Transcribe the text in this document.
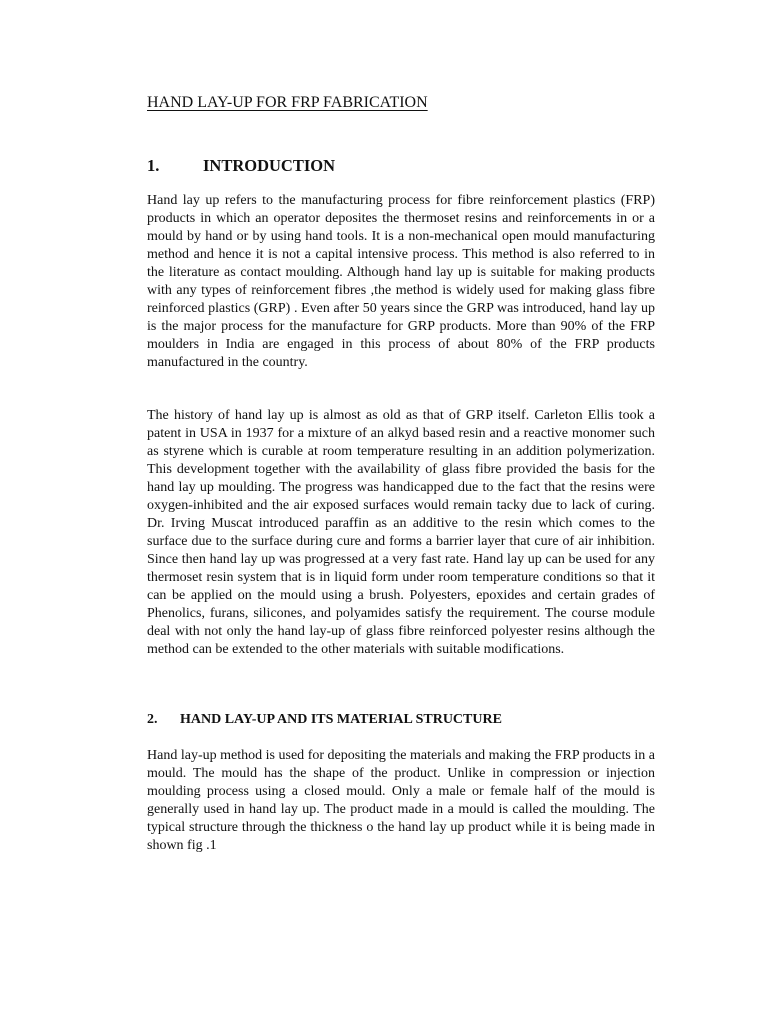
HAND LAY-UP FOR FRP FABRICATION
1.	INTRODUCTION

Hand lay up refers to the manufacturing process for fibre reinforcement plastics (FRP) products in which an operator deposites the thermoset resins and reinforcements in or a mould by hand or by using hand tools. It is a non-mechanical open mould manufacturing method and hence it is not a capital intensive process. This method is also referred to in the literature as contact moulding. Although hand lay up is suitable for making products with any types of reinforcement fibres ,the method is widely used for making glass fibre reinforced plastics (GRP) . Even after 50 years since the GRP was introduced, hand lay up is the major process for the manufacture for GRP products. More than 90% of the FRP moulders in India are engaged in this process of about 80% of the FRP products manufactured in the country.

The history of hand lay up is almost as old as that of GRP itself. Carleton Ellis took a patent in USA in 1937 for a mixture of an alkyd based resin and a reactive monomer such as styrene which is curable at room temperature resulting in an addition polymerization. This development together with the availability of glass fibre provided the basis for the hand lay up moulding. The progress was handicapped due to the fact that the resins were oxygen-inhibited and the air exposed surfaces would remain tacky due to lack of curing. Dr. Irving Muscat introduced paraffin as an additive to the resin which comes to the surface due to the surface during cure and forms a barrier layer that cure of air inhibition. Since then hand lay up was progressed at a very fast rate. Hand lay up can be used for any thermoset resin system that is in liquid form under room temperature conditions so that it can be applied on the mould using a brush. Polyesters, epoxides and certain grades of Phenolics, furans, silicones, and polyamides satisfy the requirement. The course module deal with not only the hand lay-up of glass fibre reinforced polyester resins although the method can be extended to the other materials with suitable modifications.

2. HAND LAY-UP AND ITS MATERIAL STRUCTURE

Hand lay-up method is used for depositing the materials and making the FRP products in a mould. The mould has the shape of the product. Unlike in compression or injection moulding process using a closed mould. Only a male or female half of the mould is generally used in hand lay up. The product made in a mould is called the moulding. The typical structure through the thickness o the hand lay up product while it is being made in shown fig .1
